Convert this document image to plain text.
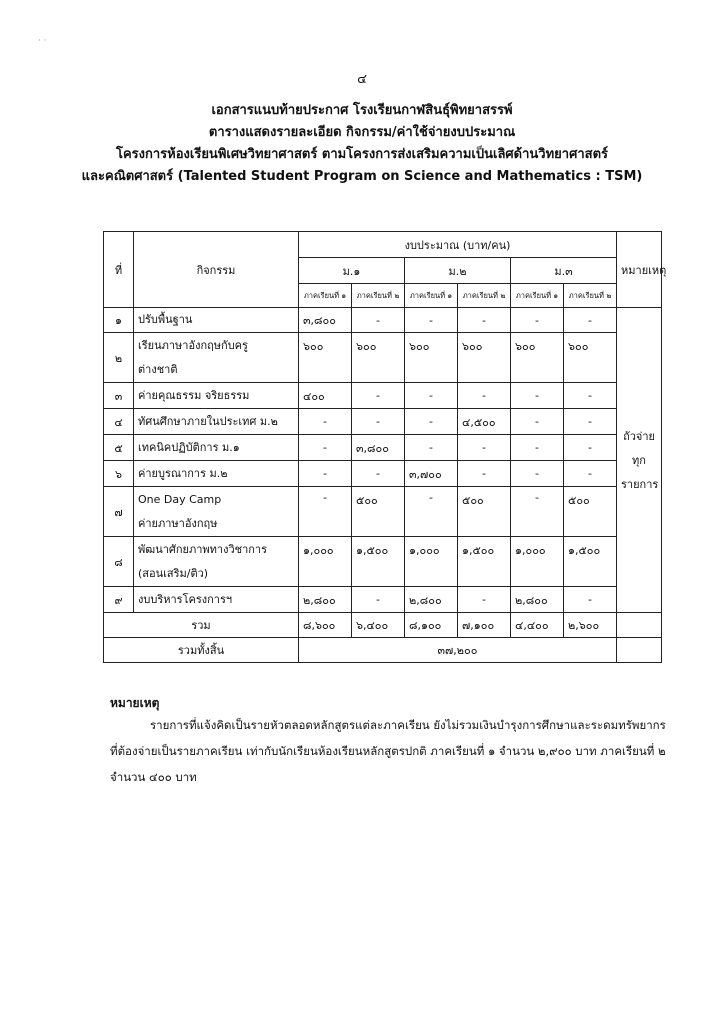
· ·
๔
เอกสารแนบท้ายประกาศ โรงเรียนกาฬสินธุ์พิทยาสรรพ์
ตารางแสดงรายละเอียด กิจกรรม/ค่าใช้จ่ายงบประมาณ
โครงการห้องเรียนพิเศษวิทยาศาสตร์ ตามโครงการส่งเสริมความเป็นเลิศด้านวิทยาศาสตร์
และคณิตศาสตร์ (Talented Student Program on Science and Mathematics : TSM)
ที่	กิจกรรม	งบประมาณ (บาท/คน)						หมายเหตุ
		ม.๑		ม.๒		ม.๓		
		ภาคเรียนที่ ๑	ภาคเรียนที่ ๒	ภาคเรียนที่ ๑	ภาคเรียนที่ ๒	ภาคเรียนที่ ๑	ภาคเรียนที่ ๒	
๑	ปรับพื้นฐาน	๓,๘๐๐	-	-	-	-	-	ถัวจ่าย
ทุก
รายการ

๒	เรียนภาษาอังกฤษกับครู
ต่างชาติ	๖๐๐	๖๐๐	๖๐๐	๖๐๐	๖๐๐	๖๐๐	
๓	ค่ายคุณธรรม จริยธรรม	๔๐๐	-	-	-	-	-	
๔	ทัศนศึกษาภายในประเทศ ม.๒	-	-	-	๔,๕๐๐	-	-	
๕	เทคนิคปฏิบัติการ ม.๑	-	๓,๘๐๐	-	-	-	-	
๖	ค่ายบูรณาการ ม.๒	-	-	๓,๗๐๐	-	-	-	
๗	One Day Camp
ค่ายภาษาอังกฤษ	-	๕๐๐	-	๕๐๐	-	๕๐๐	
๘	พัฒนาศักยภาพทางวิชาการ
(สอนเสริม/ติว)	๑,๐๐๐	๑,๕๐๐	๑,๐๐๐	๑,๕๐๐	๑,๐๐๐	๑,๕๐๐	
๙	งบบริหารโครงการฯ	๒,๘๐๐	-	๒,๘๐๐	-	๒,๘๐๐	-	
รวม		๘,๖๐๐	๖,๔๐๐	๘,๑๐๐	๗,๑๐๐	๔,๔๐๐	๒,๖๐๐	
รวมทั้งสิ้น		๓๗,๒๐๐						
หมายเหตุ
รายการที่แจ้งคิดเป็นรายหัวตลอดหลักสูตรแต่ละภาคเรียน ยังไม่รวมเงินบำรุงการศึกษาและระดมทรัพยากรที่ต้องจ่ายเป็นรายภาคเรียน เท่ากับนักเรียนห้องเรียนหลักสูตรปกติ ภาคเรียนที่ ๑ จำนวน ๒,๙๐๐ บาท ภาคเรียนที่ ๒ จำนวน ๔๐๐ บาท
